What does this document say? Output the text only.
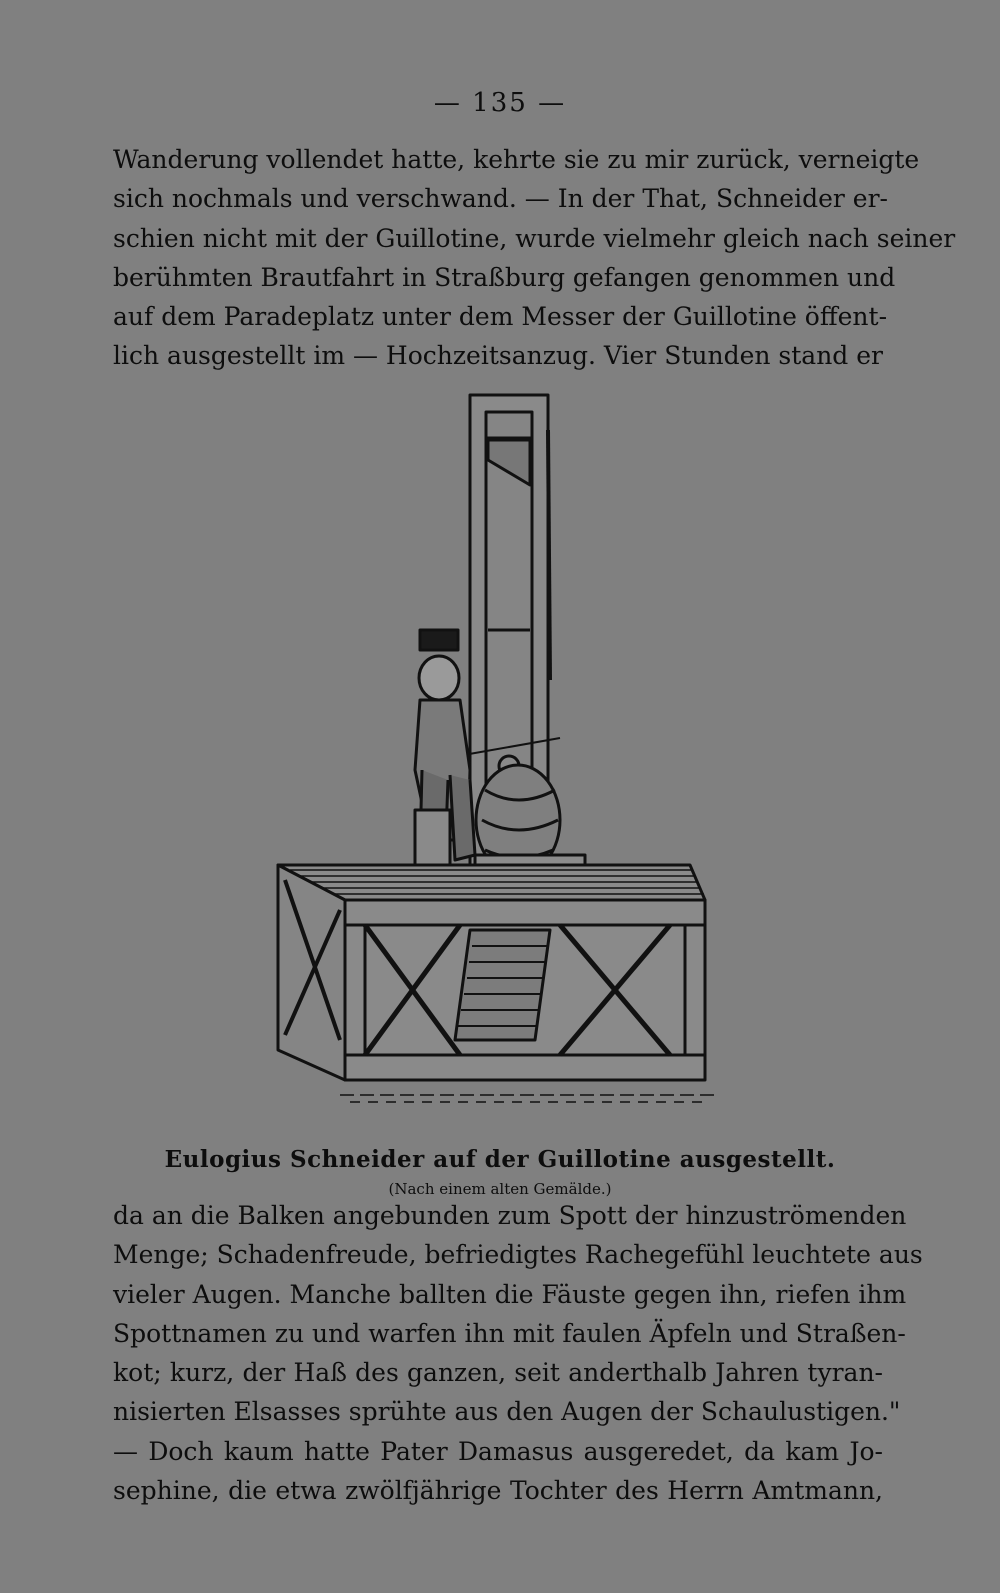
— 135 —
Wanderung vollendet hatte, kehrte sie zu mir zurück, verneigte
sich nochmals und verschwand. — In der That, Schneider er-
schien nicht mit der Guillotine, wurde vielmehr gleich nach seiner
berühmten Brautfahrt in Straßburg gefangen genommen und
auf dem Paradeplatz unter dem Messer der Guillotine öffent-
lich ausgestellt im — Hochzeitsanzug. Vier Stunden stand er
Eulogius Schneider auf der Guillotine ausgestellt.
(Nach einem alten Gemälde.)
da an die Balken angebunden zum Spott der hinzuströmenden
Menge; Schadenfreude, befriedigtes Rachegefühl leuchtete aus
vieler Augen. Manche ballten die Fäuste gegen ihn, riefen ihm
Spottnamen zu und warfen ihn mit faulen Äpfeln und Straßen-
kot; kurz, der Haß des ganzen, seit anderthalb Jahren tyran-
nisierten Elsasses sprühte aus den Augen der Schaulustigen."
— Doch kaum hatte Pater Damasus ausgeredet, da kam Jo-
sephine, die etwa zwölfjährige Tochter des Herrn Amtmann,
